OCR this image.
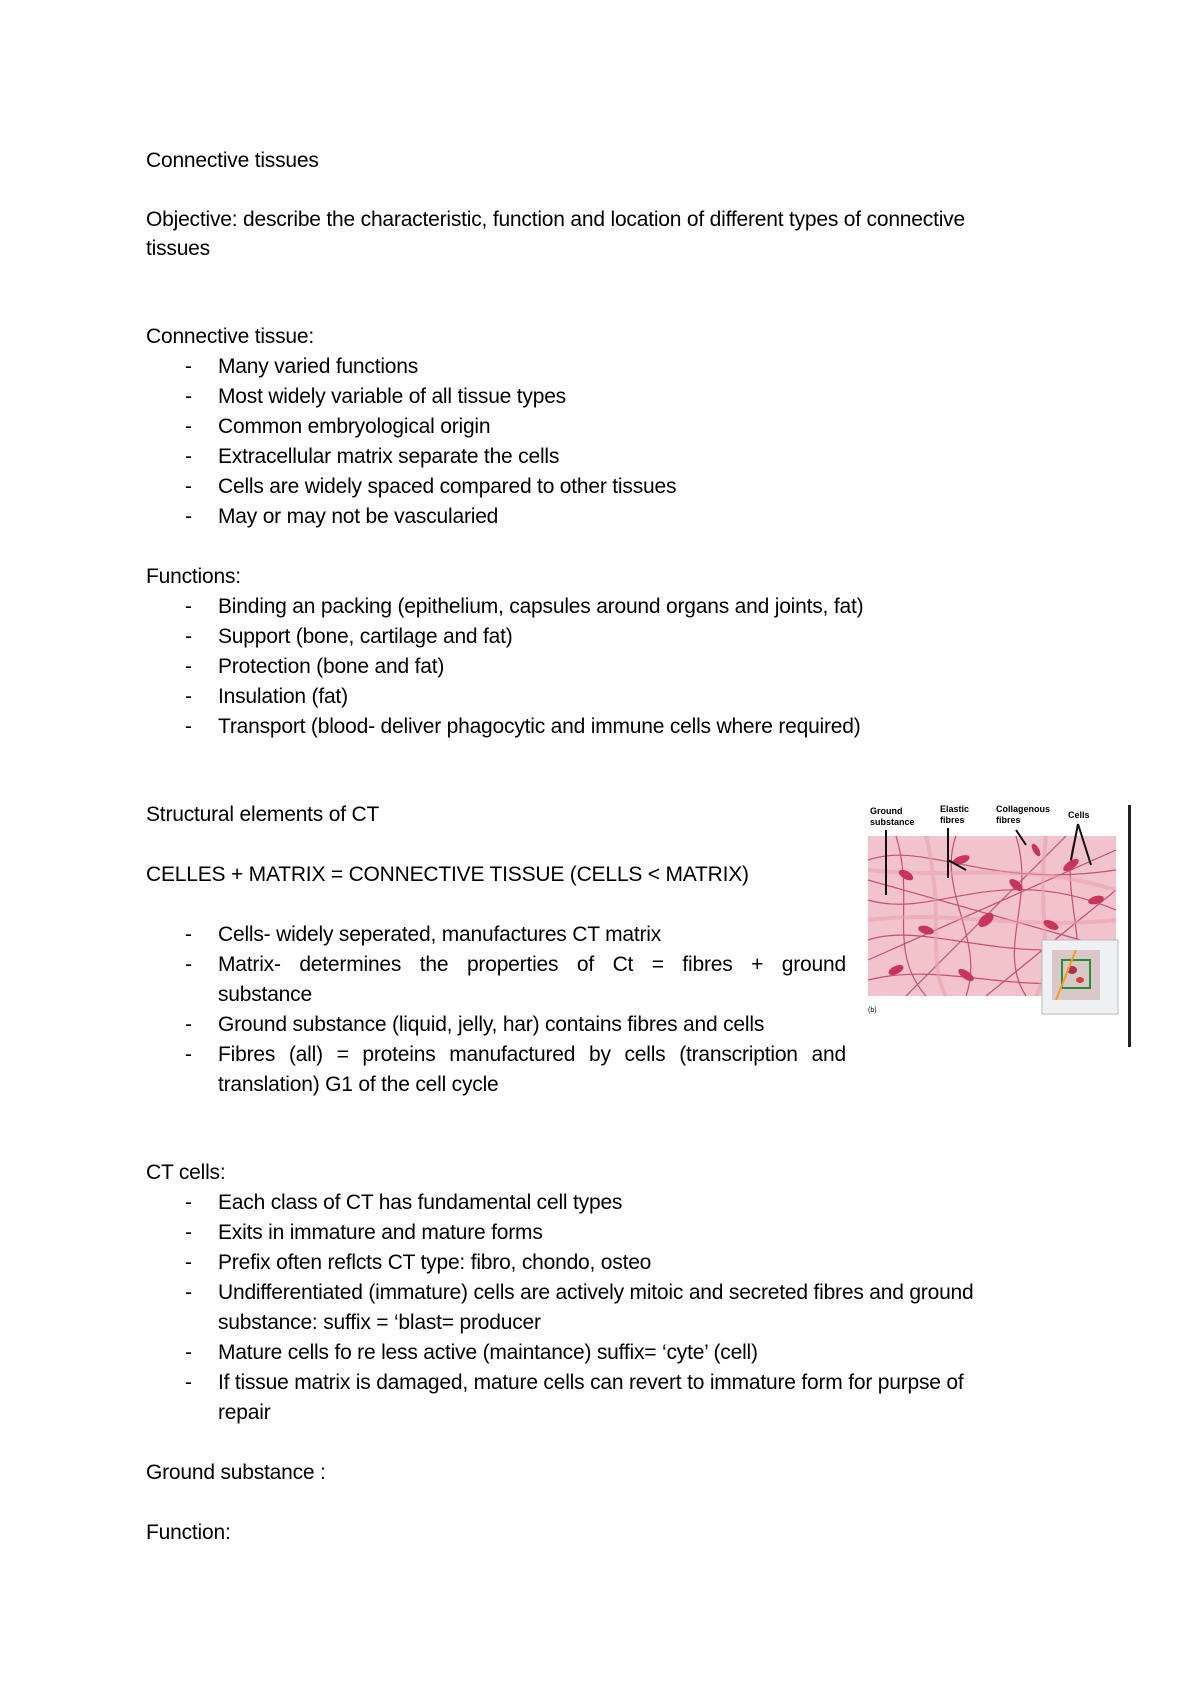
Connective tissues
Objective: describe the characteristic, function and location of different types of connective
tissues
Connective tissue:
- Many varied functions
- Most widely variable of all tissue types
- Common embryological origin
- Extracellular matrix separate the cells
- Cells are widely spaced compared to other tissues
- May or may not be vascularied
Functions:
- Binding an packing (epithelium, capsules around organs and joints, fat)
- Support (bone, cartilage and fat)
- Protection (bone and fat)
- Insulation (fat)
- Transport (blood- deliver phagocytic and immune cells where required)
Structural elements of CT
CELLES + MATRIX = CONNECTIVE TISSUE (CELLS < MATRIX)
- Cells- widely seperated, manufactures CT matrix
- Matrix- determines the properties of Ct = fibres + ground
substance
- Ground substance (liquid, jelly, har) contains fibres and cells
- Fibres (all) = proteins manufactured by cells (transcription and
translation) G1 of the cell cycle
CT cells:
- Each class of CT has fundamental cell types
- Exits in immature and mature forms
- Prefix often reflcts CT type: fibro, chondo, osteo
- Undifferentiated (immature) cells are actively mitoic and secreted fibres and ground
substance: suffix = ‘blast= producer
- Mature cells fo re less active (maintance) suffix= ‘cyte’ (cell)
- If tissue matrix is damaged, mature cells can revert to immature form for purpse of
repair
Ground substance :
Function:
Ground substance
Elastic fibres
Collagenous fibres	Cells
(b)
